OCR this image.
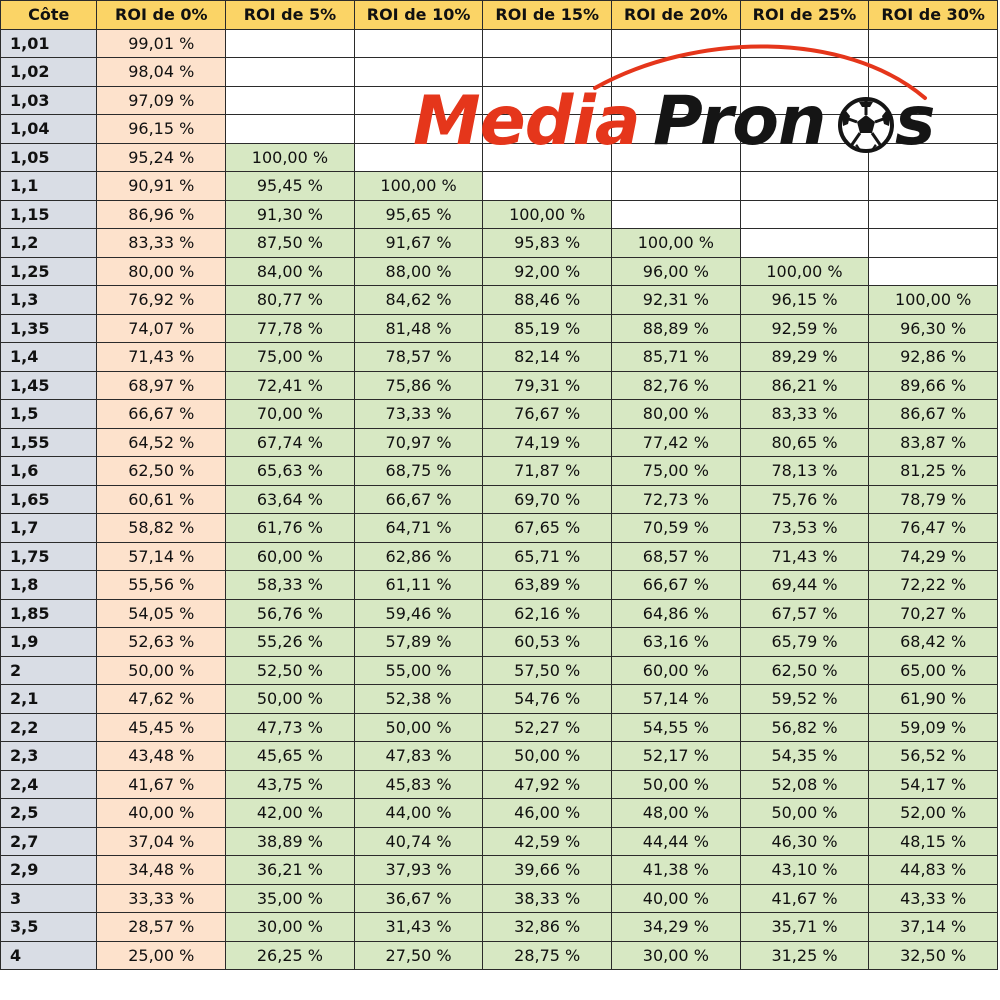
Côte	ROI de 0%	ROI de 5%	ROI de 10%	ROI de 15%	ROI de 20%	ROI de 25%	ROI de 30%
1,01	99,01 %						
1,02	98,04 %						
1,03	97,09 %						
1,04	96,15 %						
1,05	95,24 %	100,00 %					
1,1	90,91 %	95,45 %	100,00 %				
1,15	86,96 %	91,30 %	95,65 %	100,00 %			
1,2	83,33 %	87,50 %	91,67 %	95,83 %	100,00 %		
1,25	80,00 %	84,00 %	88,00 %	92,00 %	96,00 %	100,00 %	
1,3	76,92 %	80,77 %	84,62 %	88,46 %	92,31 %	96,15 %	100,00 %
1,35	74,07 %	77,78 %	81,48 %	85,19 %	88,89 %	92,59 %	96,30 %
1,4	71,43 %	75,00 %	78,57 %	82,14 %	85,71 %	89,29 %	92,86 %
1,45	68,97 %	72,41 %	75,86 %	79,31 %	82,76 %	86,21 %	89,66 %
1,5	66,67 %	70,00 %	73,33 %	76,67 %	80,00 %	83,33 %	86,67 %
1,55	64,52 %	67,74 %	70,97 %	74,19 %	77,42 %	80,65 %	83,87 %
1,6	62,50 %	65,63 %	68,75 %	71,87 %	75,00 %	78,13 %	81,25 %
1,65	60,61 %	63,64 %	66,67 %	69,70 %	72,73 %	75,76 %	78,79 %
1,7	58,82 %	61,76 %	64,71 %	67,65 %	70,59 %	73,53 %	76,47 %
1,75	57,14 %	60,00 %	62,86 %	65,71 %	68,57 %	71,43 %	74,29 %
1,8	55,56 %	58,33 %	61,11 %	63,89 %	66,67 %	69,44 %	72,22 %
1,85	54,05 %	56,76 %	59,46 %	62,16 %	64,86 %	67,57 %	70,27 %
1,9	52,63 %	55,26 %	57,89 %	60,53 %	63,16 %	65,79 %	68,42 %
2	50,00 %	52,50 %	55,00 %	57,50 %	60,00 %	62,50 %	65,00 %
2,1	47,62 %	50,00 %	52,38 %	54,76 %	57,14 %	59,52 %	61,90 %
2,2	45,45 %	47,73 %	50,00 %	52,27 %	54,55 %	56,82 %	59,09 %
2,3	43,48 %	45,65 %	47,83 %	50,00 %	52,17 %	54,35 %	56,52 %
2,4	41,67 %	43,75 %	45,83 %	47,92 %	50,00 %	52,08 %	54,17 %
2,5	40,00 %	42,00 %	44,00 %	46,00 %	48,00 %	50,00 %	52,00 %
2,7	37,04 %	38,89 %	40,74 %	42,59 %	44,44 %	46,30 %	48,15 %
2,9	34,48 %	36,21 %	37,93 %	39,66 %	41,38 %	43,10 %	44,83 %
3	33,33 %	35,00 %	36,67 %	38,33 %	40,00 %	41,67 %	43,33 %
3,5	28,57 %	30,00 %	31,43 %	32,86 %	34,29 %	35,71 %	37,14 %
4	25,00 %	26,25 %	27,50 %	28,75 %	30,00 %	31,25 %	32,50 %
Media Pron s
